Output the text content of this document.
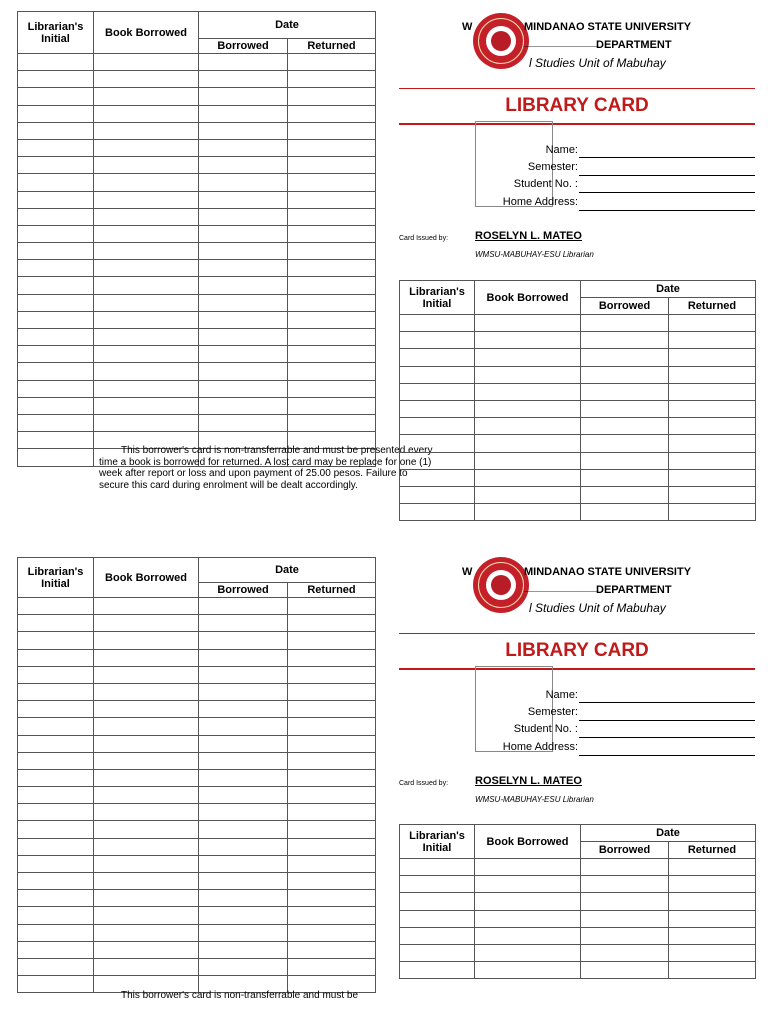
Librarian's Initial	Book Borrowed	Date	
		Borrowed	Returned

This borrower's card is non-transferrable and must be presented every time a book is borrowed for returned. A lost card may be replace for one (1) week after report or loss and upon payment of 25.00 pesos. Failure to secure this card during enrolment will be dealt accordingly.
W	MINDANAO STATE UNIVERSITY
____________
DEPARTMENT
l Studies Unit of Mabuhay
LIBRARY CARD
Name:
Semester:
Student No. :
Home Address:
Card Issued by: ROSELYN L. MATEO
WMSU-MABUHAY-ESU Librarian
Librarian's Initial	Book Borrowed	Date	
		Borrowed	Returned

Librarian's Initial	Book Borrowed	Date	
		Borrowed	Returned

This borrower's card is non-transferrable and must be
W	MINDANAO STATE UNIVERSITY
____________
DEPARTMENT
l Studies Unit of Mabuhay
LIBRARY CARD
Name:
Semester:
Student No. :
Home Address:
Card Issued by: ROSELYN L. MATEO
WMSU-MABUHAY-ESU Librarian
Librarian's Initial	Book Borrowed	Date	
		Borrowed	Returned
